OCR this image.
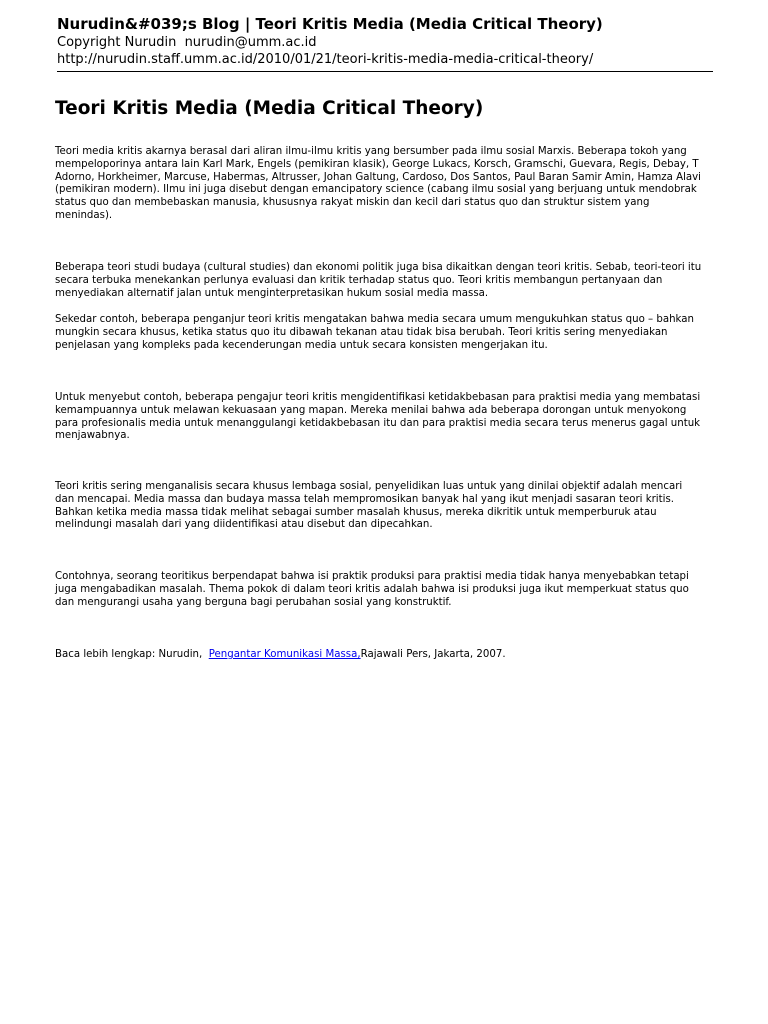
Nurudin&#039;s Blog | Teori Kritis Media (Media Critical Theory)
Copyright Nurudin  nurudin@umm.ac.id
http://nurudin.staff.umm.ac.id/2010/01/21/teori-kritis-media-media-critical-theory/
Teori Kritis Media (Media Critical Theory)

Teori media kritis akarnya berasal dari aliran ilmu-ilmu kritis yang bersumber pada ilmu sosial Marxis. Beberapa tokoh yang
mempeloporinya antara lain Karl Mark, Engels (pemikiran klasik), George Lukacs, Korsch, Gramschi, Guevara, Regis, Debay, T
Adorno, Horkheimer, Marcuse, Habermas, Altrusser, Johan Galtung, Cardoso, Dos Santos, Paul Baran Samir Amin, Hamza Alavi
(pemikiran modern). Ilmu ini juga disebut dengan emancipatory science (cabang ilmu sosial yang berjuang untuk mendobrak
status quo dan membebaskan manusia, khususnya rakyat miskin dan kecil dari status quo dan struktur sistem yang
menindas).

Beberapa teori studi budaya (cultural studies) dan ekonomi politik juga bisa dikaitkan dengan teori kritis. Sebab, teori-teori itu
secara terbuka menekankan perlunya evaluasi dan kritik terhadap status quo. Teori kritis membangun pertanyaan dan
menyediakan alternatif jalan untuk menginterpretasikan hukum sosial media massa.

Sekedar contoh, beberapa penganjur teori kritis mengatakan bahwa media secara umum mengukuhkan status quo – bahkan
mungkin secara khusus, ketika status quo itu dibawah tekanan atau tidak bisa berubah. Teori kritis sering menyediakan
penjelasan yang kompleks pada kecenderungan media untuk secara konsisten mengerjakan itu.

Untuk menyebut contoh, beberapa pengajur teori kritis mengidentifikasi ketidakbebasan para praktisi media yang membatasi
kemampuannya untuk melawan kekuasaan yang mapan. Mereka menilai bahwa ada beberapa dorongan untuk menyokong
para profesionalis media untuk menanggulangi ketidakbebasan itu dan para praktisi media secara terus menerus gagal untuk
menjawabnya.

Teori kritis sering menganalisis secara khusus lembaga sosial, penyelidikan luas untuk yang dinilai objektif adalah mencari
dan mencapai. Media massa dan budaya massa telah mempromosikan banyak hal yang ikut menjadi sasaran teori kritis.
Bahkan ketika media massa tidak melihat sebagai sumber masalah khusus, mereka dikritik untuk memperburuk atau
melindungi masalah dari yang diidentifikasi atau disebut dan dipecahkan.

Contohnya, seorang teoritikus berpendapat bahwa isi praktik produksi para praktisi media tidak hanya menyebabkan tetapi
juga mengabadikan masalah. Thema pokok di dalam teori kritis adalah bahwa isi produksi juga ikut memperkuat status quo
dan mengurangi usaha yang berguna bagi perubahan sosial yang konstruktif.

Baca lebih lengkap: Nurudin,  Pengantar Komunikasi Massa,Rajawali Pers, Jakarta, 2007.
